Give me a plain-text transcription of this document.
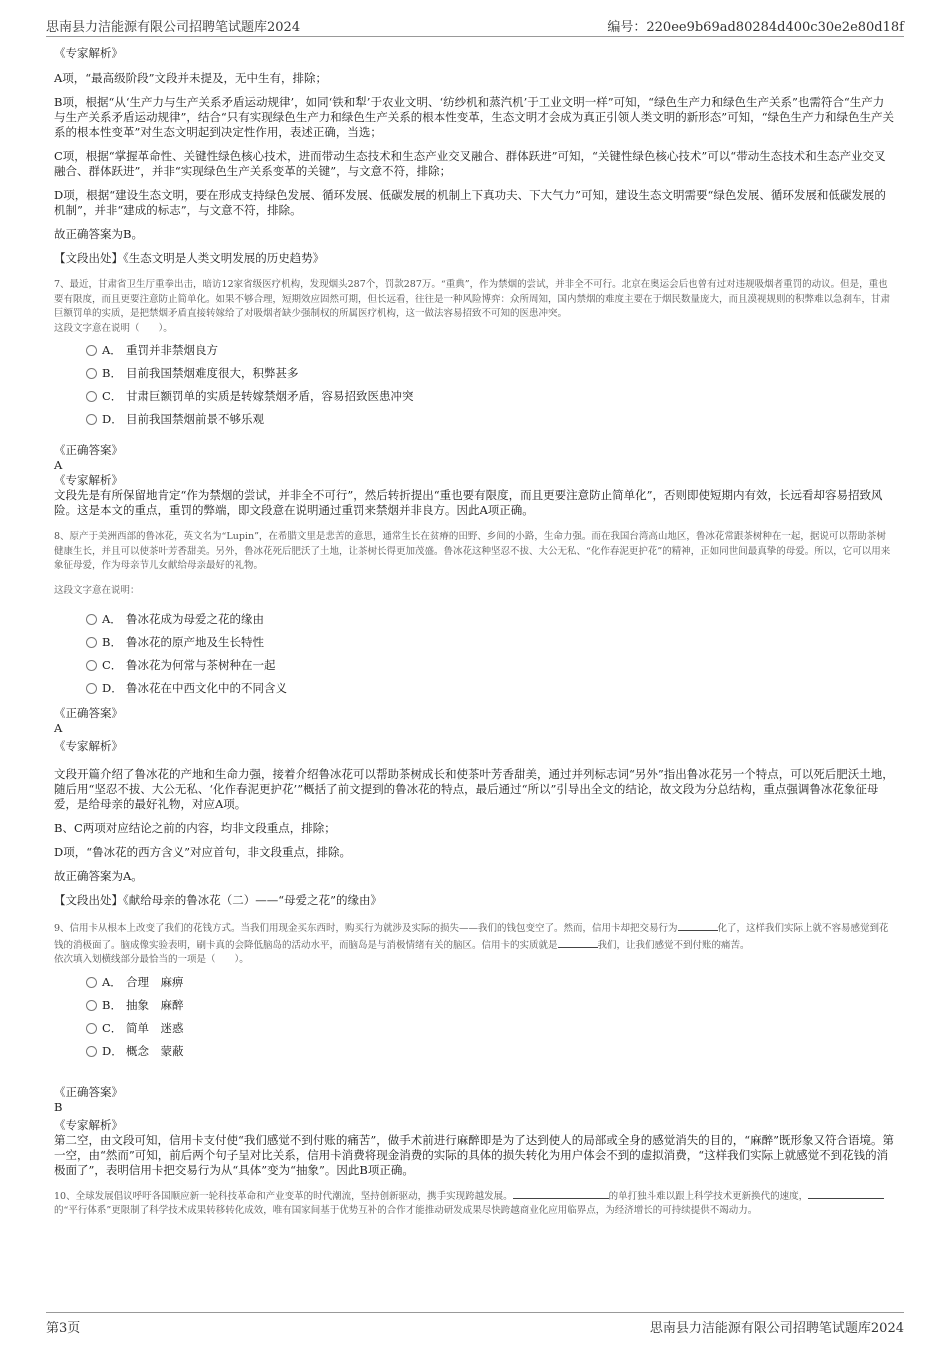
思南县力洁能源有限公司招聘笔试题库2024	编号：220ee9b69ad80284d400c30e2e80d18f

《专家解析》

A项，“最高级阶段”文段并未提及，无中生有，排除；

B项，根据“从‘生产力与生产关系矛盾运动规律’，如同‘铁和犁’于农业文明、‘纺纱机和蒸汽机’于工业文明一样”可知，“绿色生产力和绿色生产关系”也需符合“生产力与生产关系矛盾运动规律”，结合“只有实现绿色生产力和绿色生产关系的根本性变革，生态文明才会成为真正引领人类文明的新形态”可知，“绿色生产力和绿色生产关系的根本性变革”对生态文明起到决定性作用，表述正确，当选；

C项，根据“掌握革命性、关键性绿色核心技术，进而带动生态技术和生态产业交叉融合、群体跃进”可知，“关键性绿色核心技术”可以“带动生态技术和生态产业交叉融合、群体跃进”，并非“实现绿色生产关系变革的关键”，与文意不符，排除；

D项，根据“建设生态文明，要在形成支持绿色发展、循环发展、低碳发展的机制上下真功夫、下大气力”可知，建设生态文明需要“绿色发展、循环发展和低碳发展的机制”，并非“建成的标志”，与文意不符，排除。

故正确答案为B。

【文段出处】《生态文明是人类文明发展的历史趋势》

7、最近，甘肃省卫生厅重拳出击，暗访12家省级医疗机构，发现烟头287个，罚款287万。“重典”，作为禁烟的尝试，并非全不可行。北京在奥运会后也曾有过对违规吸烟者重罚的动议。但是，重也要有限度，而且更要注意防止简单化。如果不够合理，短期效应固然可期，但长远看，往往是一种风险博弈：众所周知，国内禁烟的难度主要在于烟民数量庞大，而且漠视规则的积弊难以急刹车，甘肃巨额罚单的实质，是把禁烟矛盾直接转嫁给了对吸烟者缺少强制权的所属医疗机构，这一做法容易招致不可知的医患冲突。

这段文字意在说明（　　）。

A． 重罚并非禁烟良方
B． 目前我国禁烟难度很大，积弊甚多
C． 甘肃巨额罚单的实质是转嫁禁烟矛盾，容易招致医患冲突
D． 目前我国禁烟前景不够乐观

《正确答案》

A

《专家解析》

文段先是有所保留地肯定“作为禁烟的尝试，并非全不可行”，然后转折提出“重也要有限度，而且更要注意防止简单化”，否则即使短期内有效，长远看却容易招致风险。这是本文的重点，重罚的弊端，即文段意在说明通过重罚来禁烟并非良方。因此A项正确。

8、原产于美洲西部的鲁冰花，英文名为“Lupin”，在希腊文里是悲苦的意思，通常生长在贫瘠的田野、乡间的小路，生命力强。而在我国台湾高山地区，鲁冰花常跟茶树种在一起，据说可以帮助茶树健康生长，并且可以使茶叶芳香甜美。另外，鲁冰花死后肥沃了土地，让茶树长得更加茂盛。鲁冰花这种坚忍不拔、大公无私、“化作春泥更护花”的精神，正如同世间最真挚的母爱。所以，它可以用来象征母爱，作为母亲节儿女献给母亲最好的礼物。

这段文字意在说明：

A． 鲁冰花成为母爱之花的缘由
B． 鲁冰花的原产地及生长特性
C． 鲁冰花为何常与茶树种在一起
D． 鲁冰花在中西文化中的不同含义

《正确答案》

A

《专家解析》

文段开篇介绍了鲁冰花的产地和生命力强，接着介绍鲁冰花可以帮助茶树成长和使茶叶芳香甜美，通过并列标志词“另外”指出鲁冰花另一个特点，可以死后肥沃土地，随后用“坚忍不拔、大公无私、‘化作春泥更护花’”概括了前文提到的鲁冰花的特点，最后通过“所以”引导出全文的结论，故文段为分总结构，重点强调鲁冰花象征母爱，是给母亲的最好礼物，对应A项。

B、C两项对应结论之前的内容，均非文段重点，排除；

D项，“鲁冰花的西方含义”对应首句，非文段重点，排除。

故正确答案为A。

【文段出处】《献给母亲的鲁冰花（二）——“母爱之花”的缘由》

9、信用卡从根本上改变了我们的花钱方式。当我们用现金买东西时，购买行为就涉及实际的损失——我们的钱包变空了。然而，信用卡却把交易行为	化了，这样我们实际上就不容易感觉到花钱的消极面了。脑成像实验表明，刷卡真的会降低脑岛的活动水平，而脑岛是与消极情绪有关的脑区。信用卡的实质就是	我们，让我们感觉不到付账的痛苦。

依次填入划横线部分最恰当的一项是（　　）。

A． 合理　麻痹
B． 抽象　麻醉
C． 简单　迷惑
D． 概念　蒙蔽

《正确答案》

B

《专家解析》

第二空，由文段可知，信用卡支付使“我们感觉不到付账的痛苦”，做手术前进行麻醉即是为了达到使人的局部或全身的感觉消失的目的，“麻醉”既形象又符合语境。第一空，由“然而”可知，前后两个句子呈对比关系，信用卡消费将现金消费的实际的具体的损失转化为用户体会不到的虚拟消费，“这样我们实际上就感觉不到花钱的消极面了”，表明信用卡把交易行为从“具体”变为“抽象”。因此B项正确。

10、全球发展倡议呼吁各国顺应新一轮科技革命和产业变革的时代潮流，坚持创新驱动，携手实现跨越发展。	的单打独斗难以跟上科学技术更新换代的速度，的“平行体系”更限制了科学技术成果转移转化成效，唯有国家间基于优势互补的合作才能推动研发成果尽快跨越商业化应用临界点，为经济增长的可持续提供不竭动力。

第3页	思南县力洁能源有限公司招聘笔试题库2024
